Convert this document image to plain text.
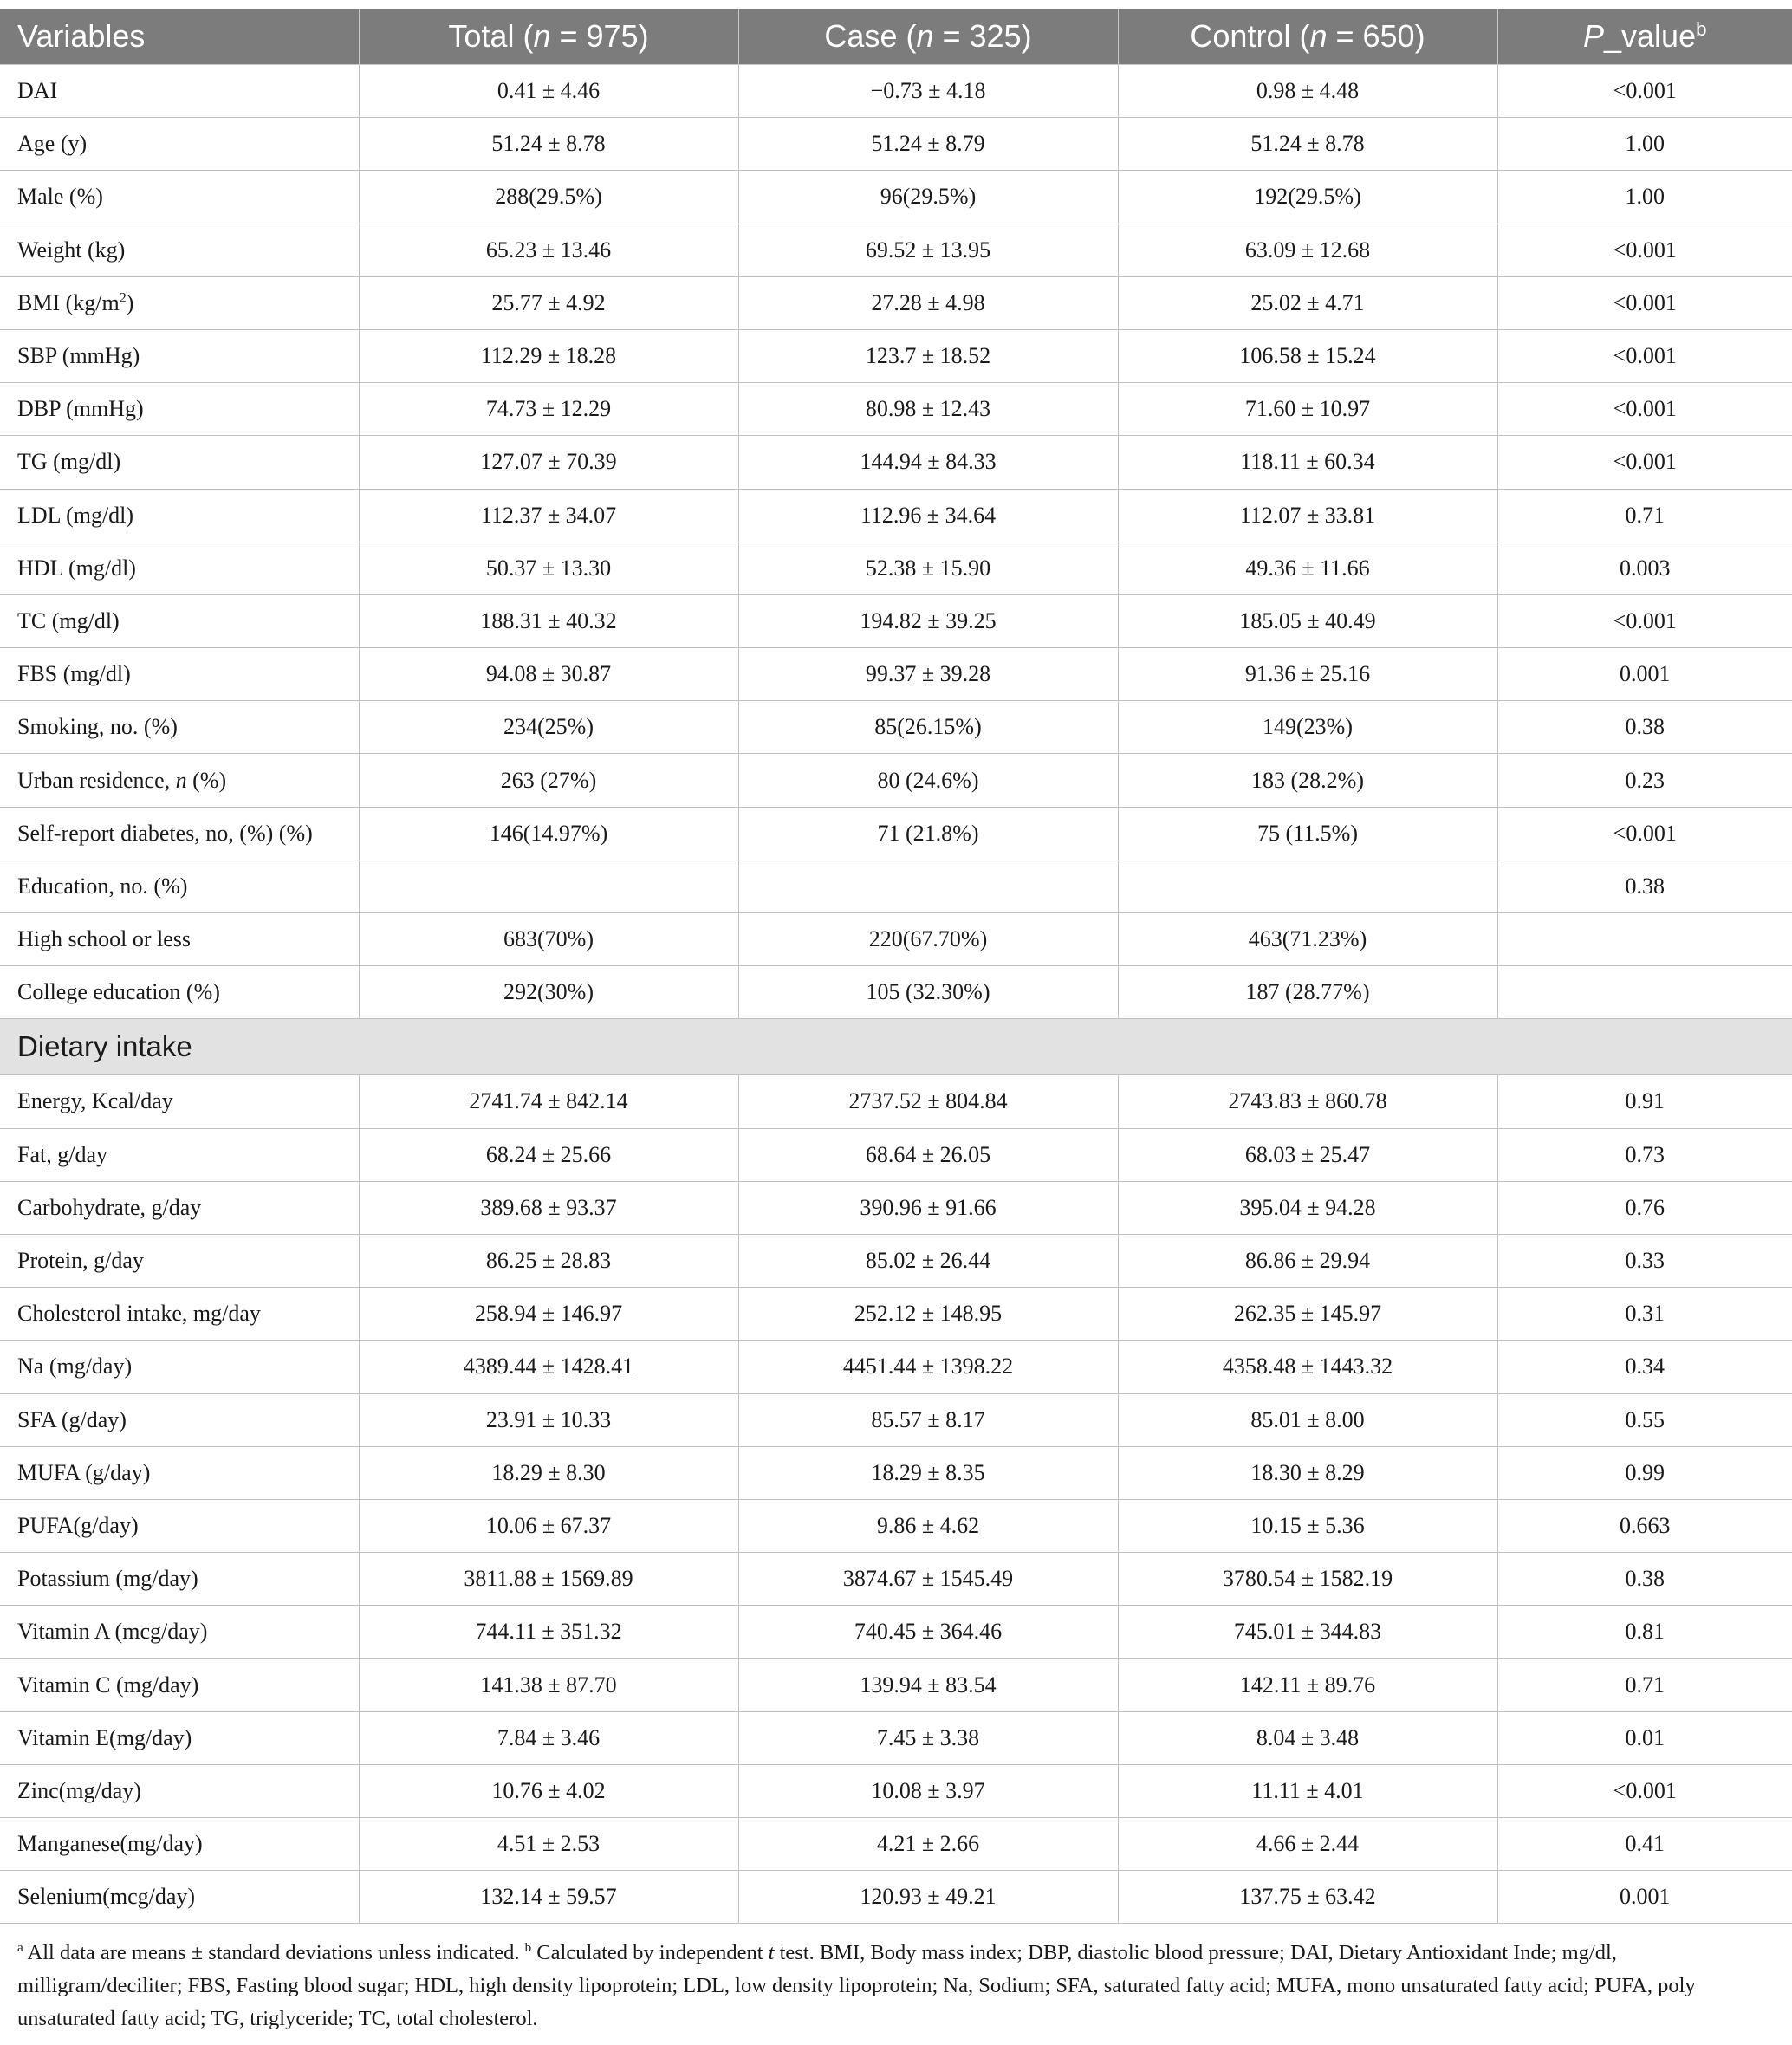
Variables	Total (n = 975)	Case (n = 325)	Control (n = 650)	P_value$^b$
DAI	0.41 ± 4.46	−0.73 ± 4.18	0.98 ± 4.48	<0.001
Age (y)	51.24 ± 8.78	51.24 ± 8.79	51.24 ± 8.78	1.00
Male (%)	288(29.5%)	96(29.5%)	192(29.5%)	1.00
Weight (kg)	65.23 ± 13.46	69.52 ± 13.95	63.09 ± 12.68	<0.001
BMI $(kg/m^2)$	25.77 ± 4.92	27.28 ± 4.98	25.02 ± 4.71	<0.001
SBP (mmHg)	112.29 ± 18.28	123.7 ± 18.52	106.58 ± 15.24	<0.001
DBP (mmHg)	74.73 ± 12.29	80.98 ± 12.43	71.60 ± 10.97	<0.001
TG (mg/dl)	127.07 ± 70.39	144.94 ± 84.33	118.11 ± 60.34	<0.001
LDL (mg/dl)	112.37 ± 34.07	112.96 ± 34.64	112.07 ± 33.81	0.71
HDL (mg/dl)	50.37 ± 13.30	52.38 ± 15.90	49.36 ± 11.66	0.003
TC (mg/dl)	188.31 ± 40.32	194.82 ± 39.25	185.05 ± 40.49	<0.001
FBS (mg/dl)	94.08 ± 30.87	99.37 ± 39.28	91.36 ± 25.16	0.001
Smoking, no. (%)	234(25%)	85(26.15%)	149(23%)	0.38
Urban residence, n (%)	263 (27%)	80 (24.6%)	183 (28.2%)	0.23
Self-report diabetes, no, (%) (%)	146(14.97%)	71 (21.8%)	75 (11.5%)	<0.001
Education, no. (%)				0.38
High school or less	683(70%)	220(67.70%)	463(71.23%)	
College education (%)	292(30%)	105 (32.30%)	187 (28.77%)	
Dietary intake				
Energy, Kcal/day	2741.74 ± 842.14	2737.52 ± 804.84	2743.83 ± 860.78	0.91
Fat, g/day	68.24 ± 25.66	68.64 ± 26.05	68.03 ± 25.47	0.73
Carbohydrate, g/day	389.68 ± 93.37	390.96 ± 91.66	395.04 ± 94.28	0.76
Protein, g/day	86.25 ± 28.83	85.02 ± 26.44	86.86 ± 29.94	0.33
Cholesterol intake, mg/day	258.94 ± 146.97	252.12 ± 148.95	262.35 ± 145.97	0.31
Na (mg/day)	4389.44 ± 1428.41	4451.44 ± 1398.22	4358.48 ± 1443.32	0.34
SFA (g/day)	23.91 ± 10.33	85.57 ± 8.17	85.01 ± 8.00	0.55
MUFA (g/day)	18.29 ± 8.30	18.29 ± 8.35	18.30 ± 8.29	0.99
PUFA(g/day)	10.06 ± 67.37	9.86 ± 4.62	10.15 ± 5.36	0.663
Potassium (mg/day)	3811.88 ± 1569.89	3874.67 ± 1545.49	3780.54 ± 1582.19	0.38
Vitamin A (mcg/day)	744.11 ± 351.32	740.45 ± 364.46	745.01 ± 344.83	0.81
Vitamin C (mg/day)	141.38 ± 87.70	139.94 ± 83.54	142.11 ± 89.76	0.71
Vitamin E(mg/day)	7.84 ± 3.46	7.45 ± 3.38	8.04 ± 3.48	0.01
Zinc(mg/day)	10.76 ± 4.02	10.08 ± 3.97	11.11 ± 4.01	<0.001
Manganese(mg/day)	4.51 ± 2.53	4.21 ± 2.66	4.66 ± 2.44	0.41
Selenium(mcg/day)	132.14 ± 59.57	120.93 ± 49.21	137.75 ± 63.42	0.001
$^a$ All data are means ± standard deviations unless indicated. $^b$ Calculated by independent t test. BMI, Body mass index; DBP, diastolic blood pressure; DAI, Dietary Antioxidant Inde; mg/dl, milligram/deciliter; FBS, Fasting blood sugar; HDL, high density lipoprotein; LDL, low density lipoprotein; Na, Sodium; SFA, saturated fatty acid; MUFA, mono unsaturated fatty acid; PUFA, poly unsaturated fatty acid; TG, triglyceride; TC, total cholesterol.
